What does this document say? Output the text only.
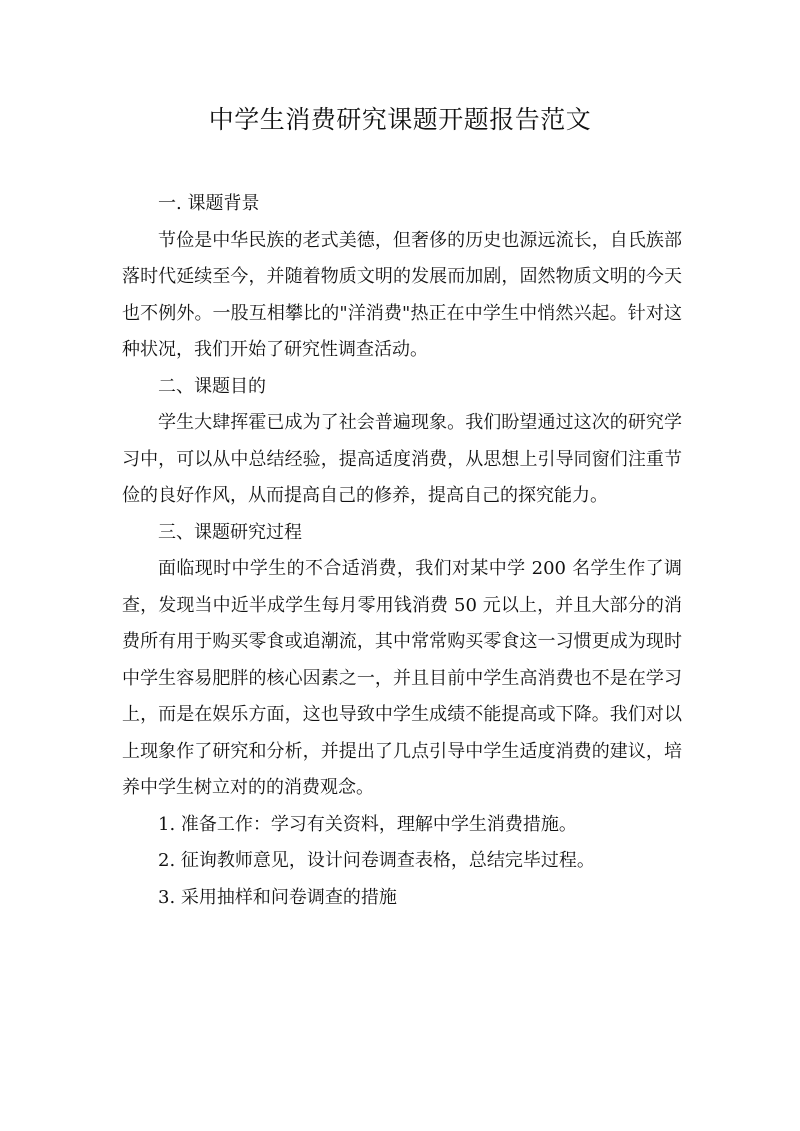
中学生消费研究课题开题报告范文

一. 课题背景

节俭是中华民族的老式美德，但奢侈的历史也源远流长，自氏族部落时代延续至今，并随着物质文明的发展而加剧，固然物质文明的今天也不例外。一股互相攀比的"洋消费"热正在中学生中悄然兴起。针对这种状况，我们开始了研究性调查活动。

二、课题目的

学生大肆挥霍已成为了社会普遍现象。我们盼望通过这次的研究学习中，可以从中总结经验，提高适度消费，从思想上引导同窗们注重节俭的良好作风，从而提高自己的修养，提高自己的探究能力。

三、课题研究过程

面临现时中学生的不合适消费，我们对某中学 200 名学生作了调查，发现当中近半成学生每月零用钱消费 50 元以上，并且大部分的消费所有用于购买零食或追潮流，其中常常购买零食这一习惯更成为现时中学生容易肥胖的核心因素之一，并且目前中学生高消费也不是在学习上，而是在娱乐方面，这也导致中学生成绩不能提高或下降。我们对以上现象作了研究和分析，并提出了几点引导中学生适度消费的建议，培养中学生树立对的的消费观念。

1. 准备工作：学习有关资料，理解中学生消费措施。

2. 征询教师意见，设计问卷调查表格，总结完毕过程。

3. 采用抽样和问卷调查的措施
